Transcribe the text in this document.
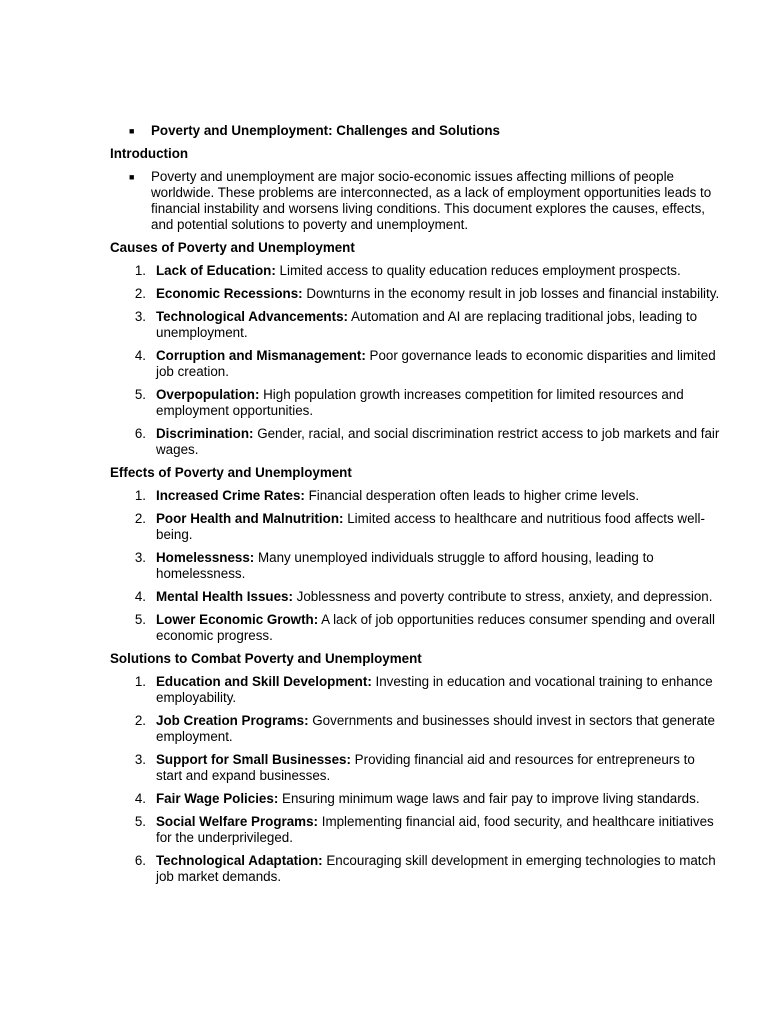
■ Poverty and Unemployment: Challenges and Solutions
Introduction
■ Poverty and unemployment are major socio-economic issues affecting millions of people worldwide. These problems are interconnected, as a lack of employment opportunities leads to financial instability and worsens living conditions. This document explores the causes, effects, and potential solutions to poverty and unemployment.
Causes of Poverty and Unemployment
1. Lack of Education: Limited access to quality education reduces employment prospects.
2. Economic Recessions: Downturns in the economy result in job losses and financial instability.
3. Technological Advancements: Automation and AI are replacing traditional jobs, leading to unemployment.
4. Corruption and Mismanagement: Poor governance leads to economic disparities and limited job creation.
5. Overpopulation: High population growth increases competition for limited resources and employment opportunities.
6. Discrimination: Gender, racial, and social discrimination restrict access to job markets and fair wages.
Effects of Poverty and Unemployment
1. Increased Crime Rates: Financial desperation often leads to higher crime levels.
2. Poor Health and Malnutrition: Limited access to healthcare and nutritious food affects well-being.
3. Homelessness: Many unemployed individuals struggle to afford housing, leading to homelessness.
4. Mental Health Issues: Joblessness and poverty contribute to stress, anxiety, and depression.
5. Lower Economic Growth: A lack of job opportunities reduces consumer spending and overall economic progress.
Solutions to Combat Poverty and Unemployment
1. Education and Skill Development: Investing in education and vocational training to enhance employability.
2. Job Creation Programs: Governments and businesses should invest in sectors that generate employment.
3. Support for Small Businesses: Providing financial aid and resources for entrepreneurs to start and expand businesses.
4. Fair Wage Policies: Ensuring minimum wage laws and fair pay to improve living standards.
5. Social Welfare Programs: Implementing financial aid, food security, and healthcare initiatives for the underprivileged.
6. Technological Adaptation: Encouraging skill development in emerging technologies to match job market demands.
